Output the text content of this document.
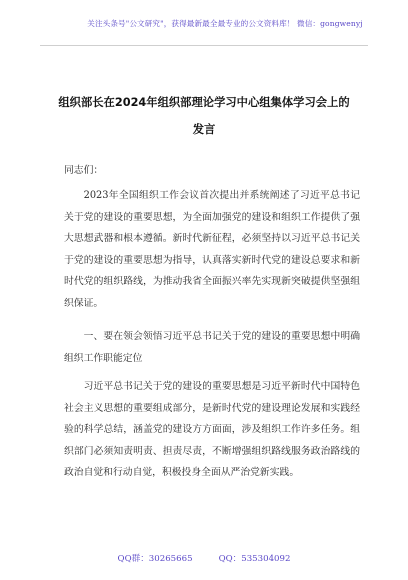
关注头条号"公文研究"，获得最新最全最专业的公文资料库！ 微信：gongwenyj
组织部长在2024年组织部理论学习中心组集体学习会上的
发言
同志们：
2023年全国组织工作会议首次提出并系统阐述了习近平总书记关于党的建设的重要思想，为全面加强党的建设和组织工作提供了强大思想武器和根本遵循。新时代新征程，必须坚持以习近平总书记关于党的建设的重要思想为指导，认真落实新时代党的建设总要求和新时代党的组织路线，为推动我省全面振兴率先实现新突破提供坚强组织保证。
一、要在领会领悟习近平总书记关于党的建设的重要思想中明确组织工作职能定位
习近平总书记关于党的建设的重要思想是习近平新时代中国特色社会主义思想的重要组成部分，是新时代党的建设理论发展和实践经验的科学总结，涵盖党的建设方方面面，涉及组织工作许多任务。组织部门必须知责明责、担责尽责，不断增强组织路线服务政治路线的政治自觉和行动自觉，积极投身全面从严治党新实践。
QQ群：30265665	QQ：535304092
